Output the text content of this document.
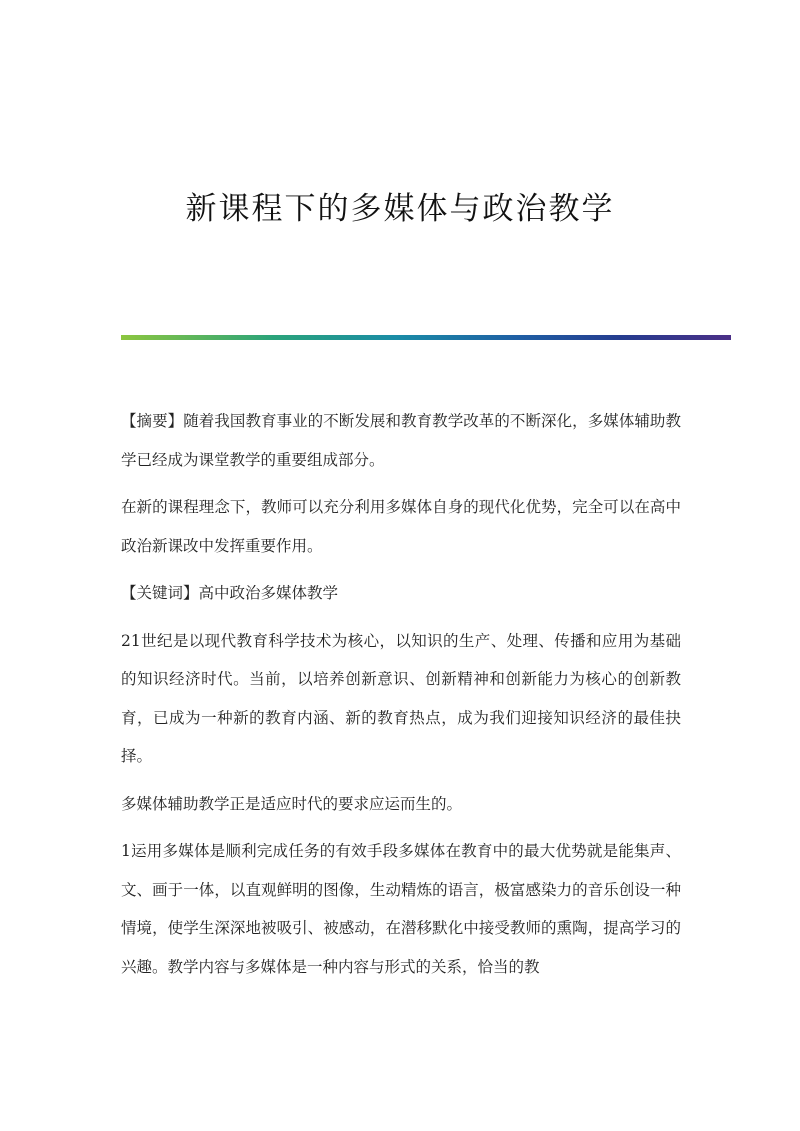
新课程下的多媒体与政治教学

【摘要】随着我国教育事业的不断发展和教育教学改革的不断深化，多媒体辅助教学已经成为课堂教学的重要组成部分。

在新的课程理念下，教师可以充分利用多媒体自身的现代化优势，完全可以在高中政治新课改中发挥重要作用。

【关键词】高中政治多媒体教学

21世纪是以现代教育科学技术为核心，以知识的生产、处理、传播和应用为基础的知识经济时代。当前，以培养创新意识、创新精神和创新能力为核心的创新教育，已成为一种新的教育内涵、新的教育热点，成为我们迎接知识经济的最佳抉择。

多媒体辅助教学正是适应时代的要求应运而生的。

1运用多媒体是顺利完成任务的有效手段多媒体在教育中的最大优势就是能集声、文、画于一体，以直观鲜明的图像，生动精炼的语言，极富感染力的音乐创设一种情境，使学生深深地被吸引、被感动，在潜移默化中接受教师的熏陶，提高学习的兴趣。教学内容与多媒体是一种内容与形式的关系，恰当的教
